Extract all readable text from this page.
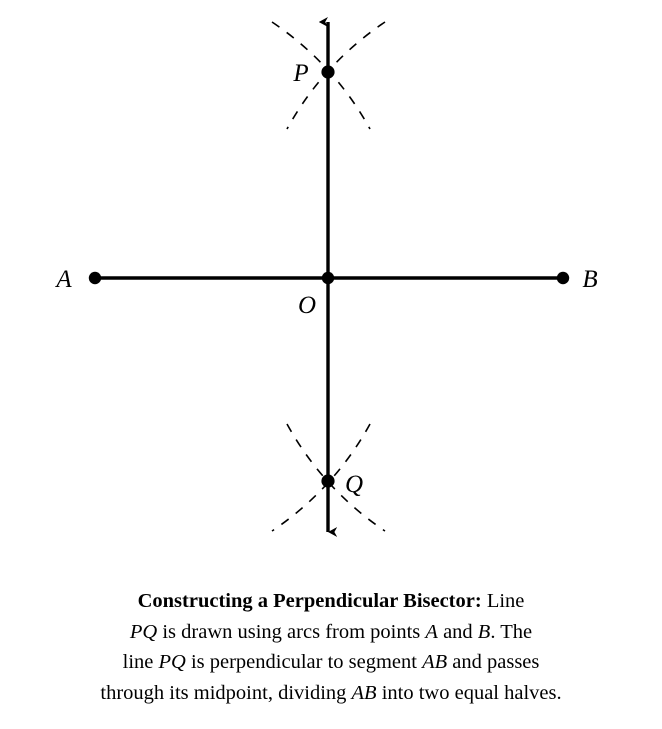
A	B
O
P
Q
Constructing a Perpendicular Bisector: Line
PQ is drawn using arcs from points A and B. The
line PQ is perpendicular to segment AB and passes
through its midpoint, dividing AB into two equal halves.
